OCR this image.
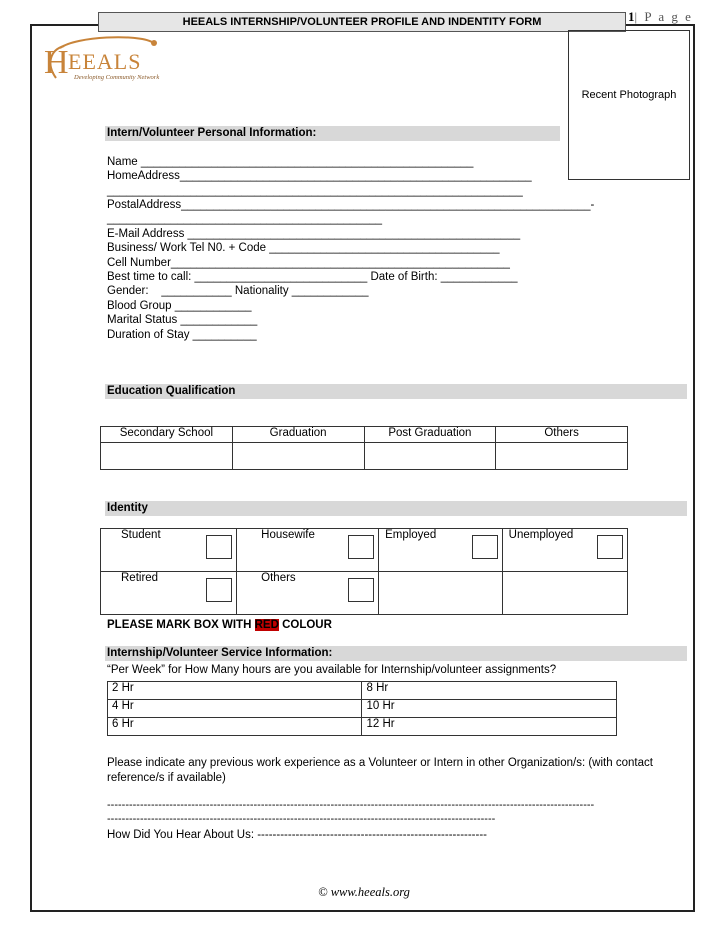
HEEALS INTERNSHIP/VOLUNTEER PROFILE AND INDENTITY FORM	1| P a g e
H EEALS
Developing Community Network
Recent Photograph
Intern/Volunteer Personal Information:
Name ____________________________________________________
HomeAddress_______________________________________________________
_________________________________________________________________
PostalAddress________________________________________________________________-
___________________________________________
E-Mail Address ____________________________________________________
Business/ Work Tel N0. + Code ____________________________________
Cell Number_____________________________________________________
Best time to call: ___________________________ Date of Birth: ____________
Gender:    ___________ Nationality ____________
Blood Group ____________
Marital Status ____________
Duration of Stay __________
Education Qualification
Secondary School	Graduation	Post Graduation	Others

Identity
Student	Housewife	Employed	Unemployed

Retired	Others

PLEASE MARK BOX WITH RED COLOUR
Internship/Volunteer Service Information:
“Per Week” for How Many hours are you available for Internship/volunteer assignments?
2 Hr	8 Hr
4 Hr	10 Hr
6 Hr	12 Hr
Please indicate any previous work experience as a Volunteer or Intern in other Organization/s: (with contact reference/s if available)
-------------------------------------------------------------------------------------------------------------------------------------
----------------------------------------------------------------------------------------------------------
How Did You Hear About Us: ------------------------------------------------------------
© www.heeals.org
